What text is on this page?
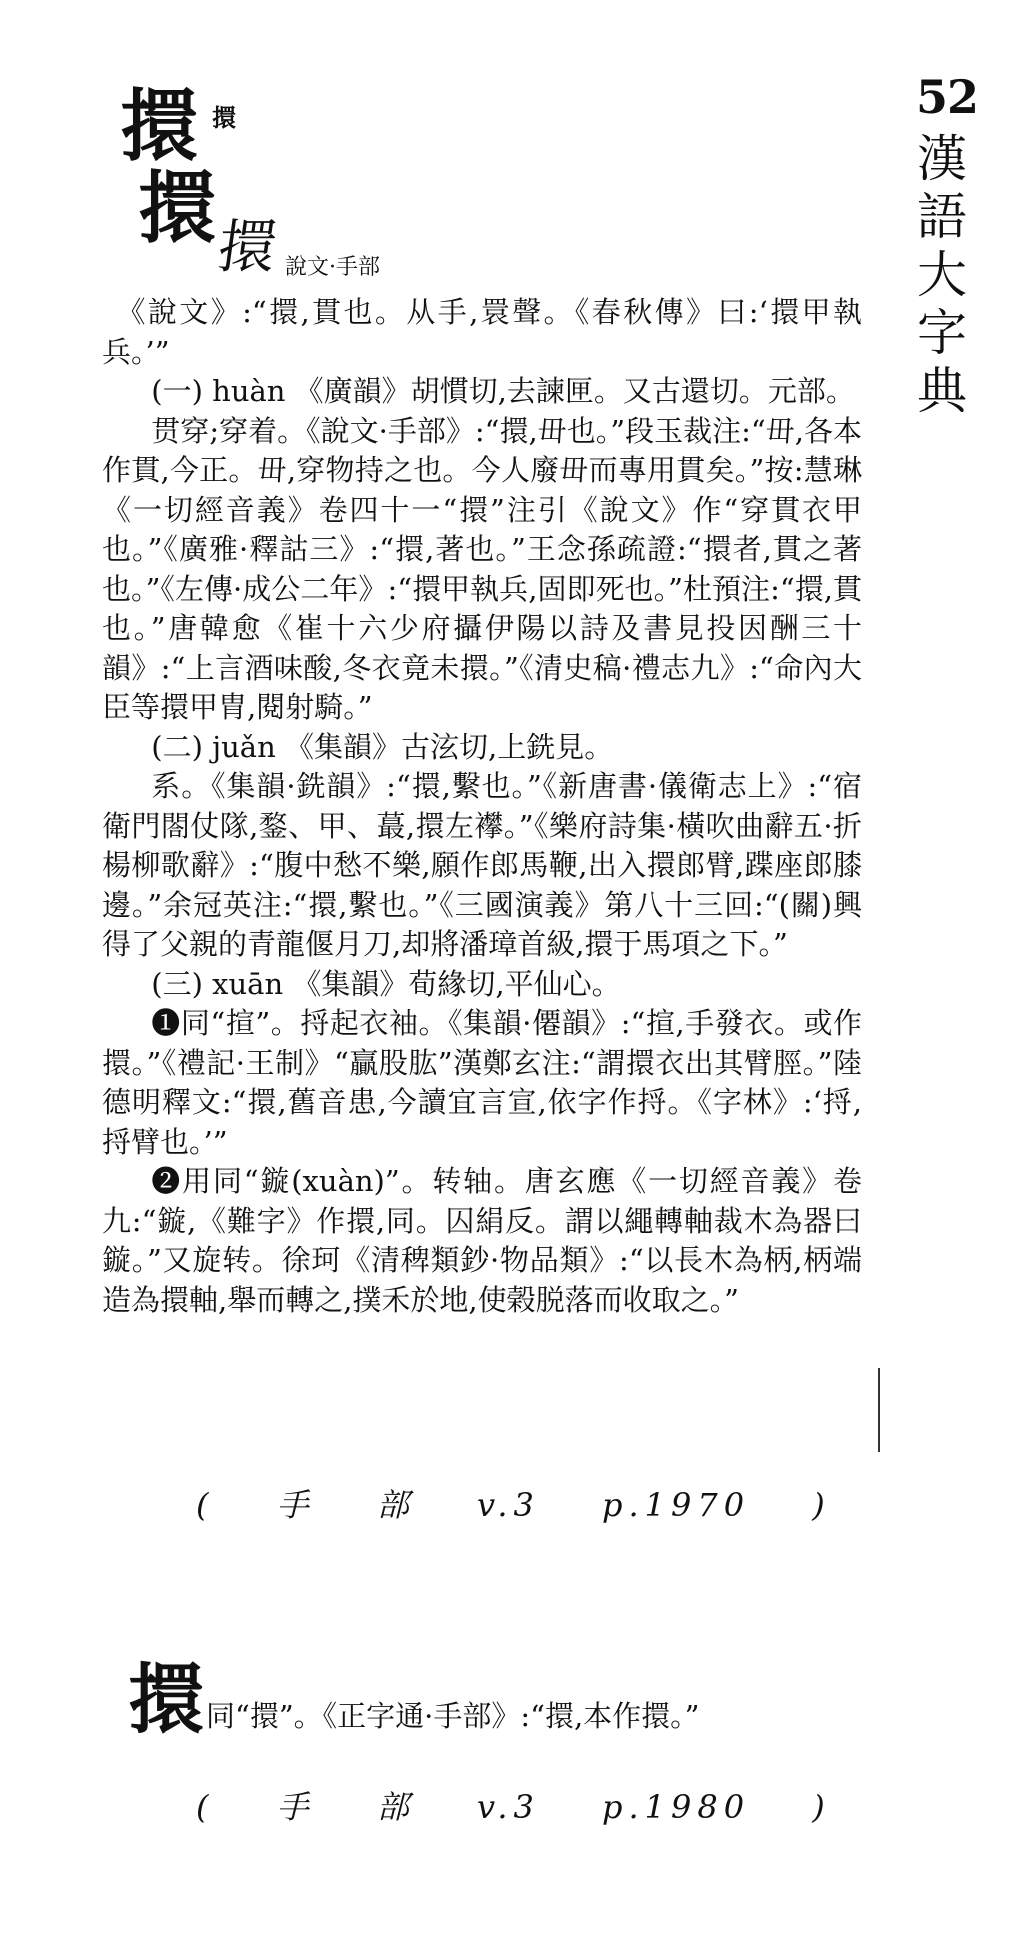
52
漢語大字典
擐 擐
擐
擐 說文·手部

《說文》:“擐,貫也。从手,睘聲。《春秋傳》曰:‘擐甲執兵。’”

(一) huàn 《廣韻》胡慣切,去諫匣。又古還切。元部。

贯穿;穿着。《說文·手部》:“擐,毌也。”段玉裁注:“毌,各本作貫,今正。毌,穿物持之也。今人廢毌而專用貫矣。”按:慧琳《一切經音義》卷四十一“擐”注引《說文》作“穿貫衣甲也。”《廣雅·釋詁三》:“擐,著也。”王念孫疏證:“擐者,貫之著也。”《左傳·成公二年》:“擐甲執兵,固即死也。”杜預注:“擐,貫也。”唐韓愈《崔十六少府攝伊陽以詩及書見投因酬三十韻》:“上言酒味酸,冬衣竟未擐。”《清史稿·禮志九》:“命內大臣等擐甲胄,閱射騎。”

(二) juǎn 《集韻》古泫切,上銑見。

系。《集韻·銑韻》:“擐,繫也。”《新唐書·儀衛志上》:“宿衛門閤仗隊,鍪、甲、蕞,擐左襻。”《樂府詩集·橫吹曲辭五·折楊柳歌辭》:“腹中愁不樂,願作郎馬鞭,出入擐郎臂,蹀座郎膝邊。”余冠英注:“擐,繫也。”《三國演義》第八十三回:“(關)興得了父親的青龍偃月刀,却將潘璋首級,擐于馬項之下。”

(三) xuān 《集韻》荀緣切,平仙心。

❶同“揎”。捋起衣袖。《集韻·僊韻》:“揎,手發衣。或作擐。”《禮記·王制》“贏股肱”漢鄭玄注:“謂擐衣出其臂脛。”陸德明釋文:“擐,舊音患,今讀宜言宣,依字作捋。《字林》:‘捋,捋臂也。’”

❷用同“鏇(xuàn)”。转轴。唐玄應《一切經音義》卷九:“鏇,《難字》作擐,同。囚絹反。謂以繩轉軸裁木為器曰鏇。”又旋转。徐珂《清稗類鈔·物品類》:“以長木為柄,柄端造為擐軸,舉而轉之,撲禾於地,使榖脱落而收取之。”

( 手 部 v.3 p.1970 )
擐 同“擐”。《正字通·手部》:“擐,本作擐。”
( 手 部 v.3 p.1980 )
